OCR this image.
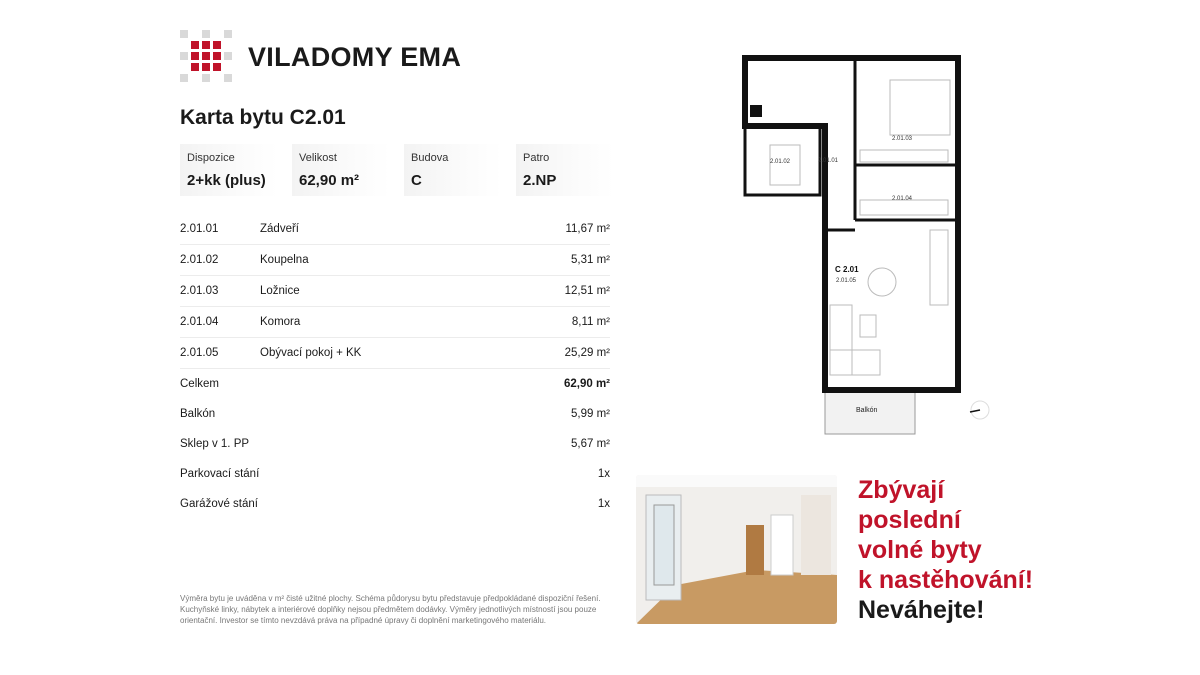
VILADOMY EMA
Karta bytu C2.01
Dispozice
2+kk (plus)
Velikost
62,90 m²
Budova
C
Patro
2.NP
2.01.01	Zádveří	11,67 m²
2.01.02	Koupelna	5,31 m²
2.01.03	Ložnice	12,51 m²
2.01.04	Komora	8,11 m²
2.01.05	Obývací pokoj + KK	25,29 m²
Celkem	62,90 m²
Balkón	5,99 m²
Sklep v 1. PP	5,67 m²
Parkovací stání	1x
Garážové stání	1x
Výměra bytu je uváděna v m² čisté užitné plochy. Schéma půdorysu bytu představuje předpokládané dispoziční řešení. Kuchyňské linky, nábytek a interiérové doplňky nejsou předmětem dodávky. Výměry jednotlivých místností jsou pouze orientační. Investor se tímto nevzdává práva na případné úpravy či doplnění marketingového materiálu.
2.01.01
2.01.02
2.01.03
2.01.04
C 2.01
2.01.05
Balkón
Zbývají
poslední
volné byty
k nastěhování!
Neváhejte!
